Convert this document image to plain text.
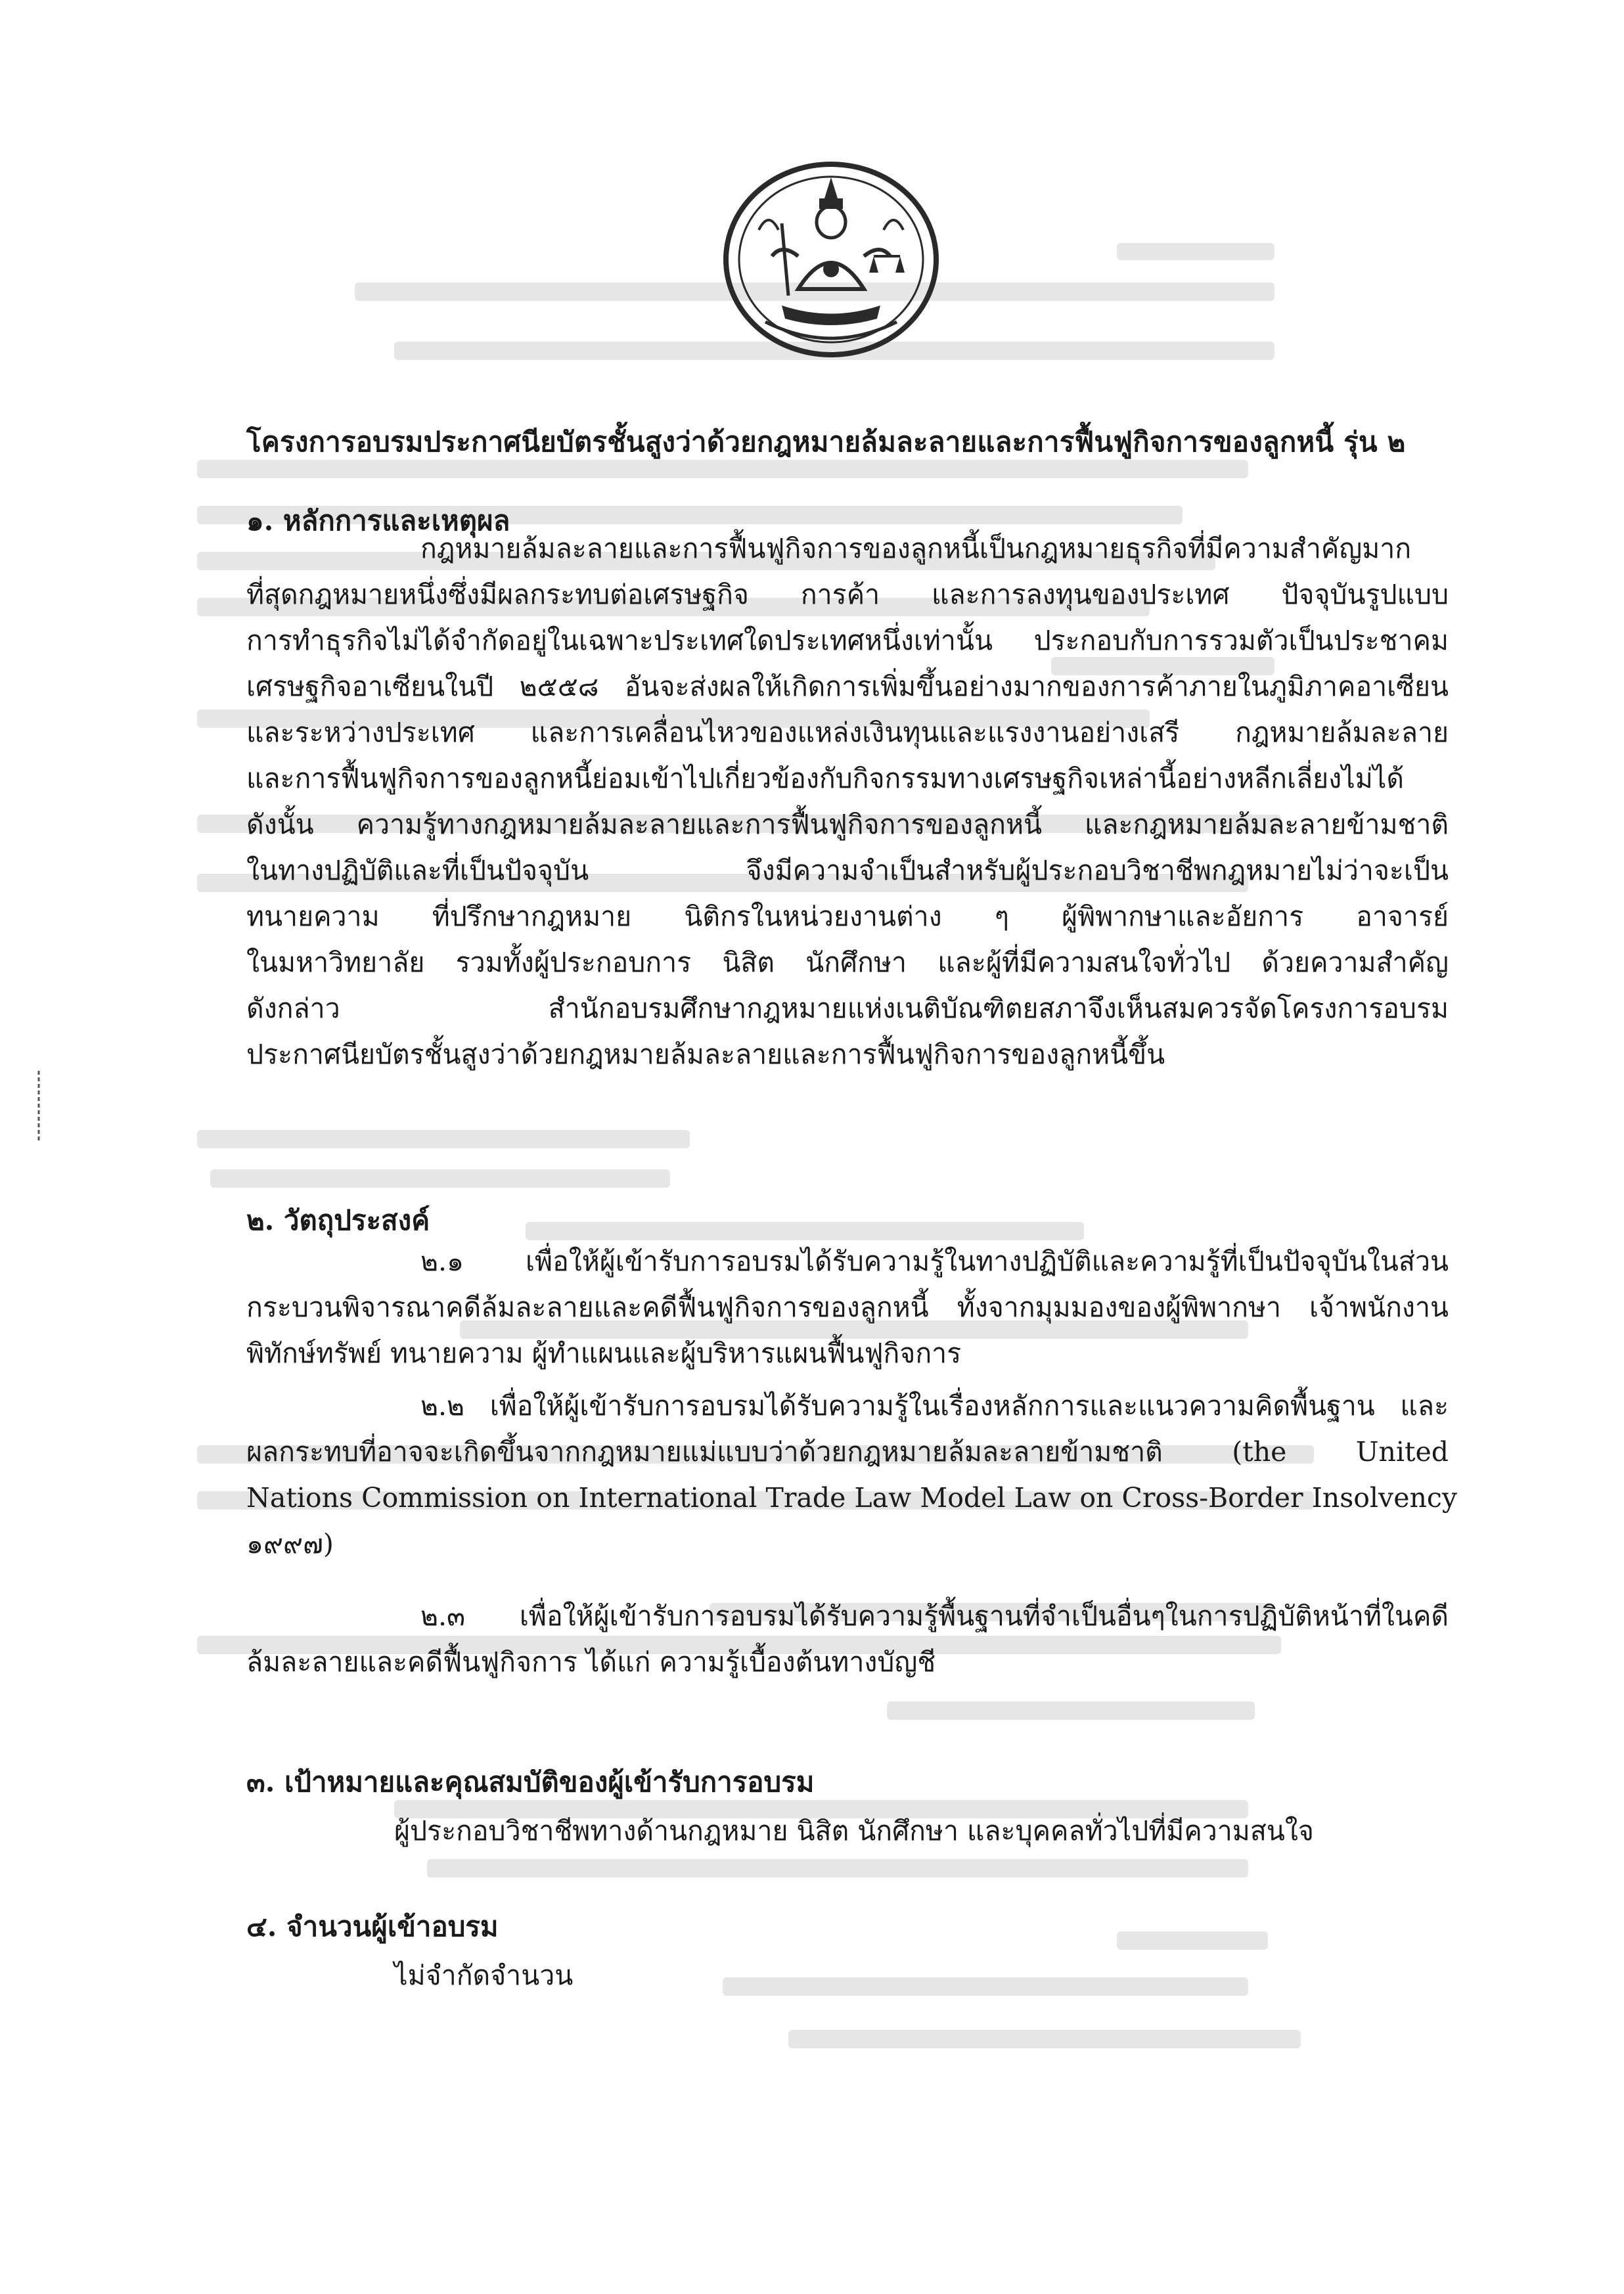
โครงการอบรมประกาศนียบัตรชั้นสูงว่าด้วยกฎหมายล้มละลายและการฟื้นฟูกิจการของลูกหนี้ รุ่น ๒
๑. หลักการและเหตุผล
กฎหมายล้มละลายและการฟื้นฟูกิจการของลูกหนี้เป็นกฎหมายธุรกิจที่มีความสำคัญมาก
ที่สุดกฎหมายหนึ่งซึ่งมีผลกระทบต่อเศรษฐกิจ การค้า และการลงทุนของประเทศ ปัจจุบันรูปแบบ
การทำธุรกิจไม่ได้จำกัดอยู่ในเฉพาะประเทศใดประเทศหนึ่งเท่านั้น ประกอบกับการรวมตัวเป็นประชาคม
เศรษฐกิจอาเซียนในปี ๒๕๕๘ อันจะส่งผลให้เกิดการเพิ่มขึ้นอย่างมากของการค้าภายในภูมิภาคอาเซียน
และระหว่างประเทศ และการเคลื่อนไหวของแหล่งเงินทุนและแรงงานอย่างเสรี กฎหมายล้มละลาย
และการฟื้นฟูกิจการของลูกหนี้ย่อมเข้าไปเกี่ยวข้องกับกิจกรรมทางเศรษฐกิจเหล่านี้อย่างหลีกเลี่ยงไม่ได้
ดังนั้น ความรู้ทางกฎหมายล้มละลายและการฟื้นฟูกิจการของลูกหนี้ และกฎหมายล้มละลายข้ามชาติ
ในทางปฏิบัติและที่เป็นปัจจุบัน จึงมีความจำเป็นสำหรับผู้ประกอบวิชาชีพกฎหมายไม่ว่าจะเป็น
ทนายความ ที่ปรึกษากฎหมาย นิติกรในหน่วยงานต่าง ๆ ผู้พิพากษาและอัยการ อาจารย์
ในมหาวิทยาลัย รวมทั้งผู้ประกอบการ นิสิต นักศึกษา และผู้ที่มีความสนใจทั่วไป ด้วยความสำคัญ
ดังกล่าว สำนักอบรมศึกษากฎหมายแห่งเนติบัณฑิตยสภาจึงเห็นสมควรจัดโครงการอบรม
ประกาศนียบัตรชั้นสูงว่าด้วยกฎหมายล้มละลายและการฟื้นฟูกิจการของลูกหนี้ขึ้น
๒. วัตถุประสงค์
๒.๑ เพื่อให้ผู้เข้ารับการอบรมได้รับความรู้ในทางปฏิบัติและความรู้ที่เป็นปัจจุบันในส่วน
กระบวนพิจารณาคดีล้มละลายและคดีฟื้นฟูกิจการของลูกหนี้ ทั้งจากมุมมองของผู้พิพากษา เจ้าพนักงาน
พิทักษ์ทรัพย์ ทนายความ ผู้ทำแผนและผู้บริหารแผนฟื้นฟูกิจการ
๒.๒ เพื่อให้ผู้เข้ารับการอบรมได้รับความรู้ในเรื่องหลักการและแนวความคิดพื้นฐาน และ
ผลกระทบที่อาจจะเกิดขึ้นจากกฎหมายแม่แบบว่าด้วยกฎหมายล้มละลายข้ามชาติ (the United
Nations Commission on International Trade Law Model Law on Cross-Border Insolvency
๑๙๙๗)
๒.๓ เพื่อให้ผู้เข้ารับการอบรมได้รับความรู้พื้นฐานที่จำเป็นอื่นๆในการปฏิบัติหน้าที่ในคดี
ล้มละลายและคดีฟื้นฟูกิจการ ได้แก่ ความรู้เบื้องต้นทางบัญชี
๓. เป้าหมายและคุณสมบัติของผู้เข้ารับการอบรม
ผู้ประกอบวิชาชีพทางด้านกฎหมาย นิสิต นักศึกษา และบุคคลทั่วไปที่มีความสนใจ
๔. จำนวนผู้เข้าอบรม
ไม่จำกัดจำนวน
